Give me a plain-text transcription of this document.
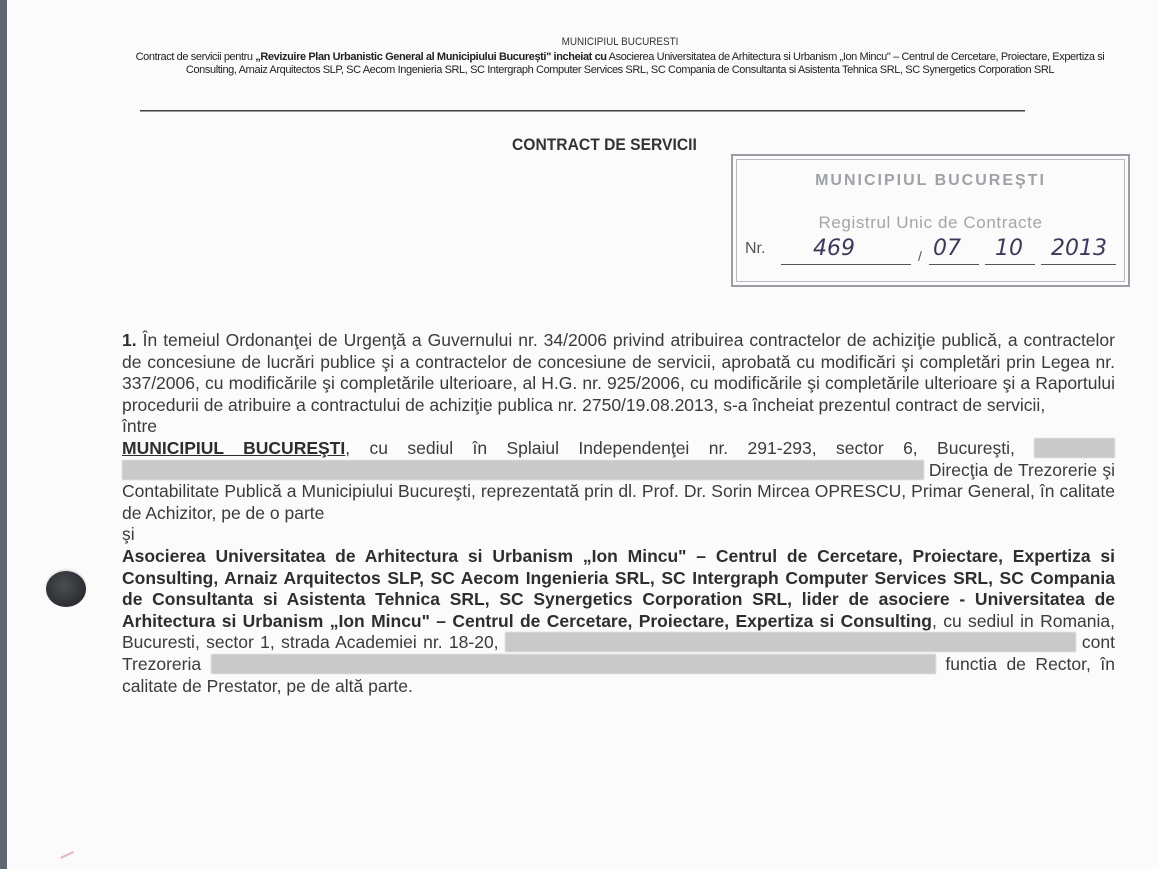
MUNICIPIUL BUCURESTI
Contract de servicii pentru „Revizuire Plan Urbanistic General al Municipiului București" incheiat cu Asocierea Universitatea de Arhitectura si Urbanism „Ion Mincu" – Centrul de Cercetare, Proiectare, Expertiza si Consulting, Arnaiz Arquitectos SLP, SC Aecom Ingenieria SRL, SC Intergraph Computer Services SRL, SC Compania de Consultanta si Asistenta Tehnica SRL, SC Synergetics Corporation SRL
CONTRACT DE SERVICII
MUNICIPIUL BUCUREŞTI
Registrul Unic de Contracte
Nr. 469	/ 07 10 2013

1. În temeiul Ordonanţei de Urgenţă a Guvernului nr. 34/2006 privind atribuirea contractelor de achiziţie publică, a contractelor de concesiune de lucrări publice şi a contractelor de concesiune de servicii, aprobată cu modificări şi completări prin Legea nr. 337/2006, cu modificările şi completările ulterioare, al H.G. nr. 925/2006, cu modificările şi completările ulterioare şi a Raportului procedurii de atribuire a contractului de achiziţie publica nr. 2750/19.08.2013, s-a încheiat prezentul contract de servicii,

între

MUNICIPIUL BUCUREŞTI, cu sediul în Splaiul Independenţei nr. 291-293, sector 6, Bucureşti, Direcţia de Trezorerie şi Contabilitate Publică a Municipiului Bucureşti, reprezentată prin dl. Prof. Dr. Sorin Mircea OPRESCU, Primar General, în calitate de Achizitor, pe de o parte

şi

Asocierea Universitatea de Arhitectura si Urbanism „Ion Mincu" – Centrul de Cercetare, Proiectare, Expertiza si Consulting, Arnaiz Arquitectos SLP, SC Aecom Ingenieria SRL, SC Intergraph Computer Services SRL, SC Compania de Consultanta si Asistenta Tehnica SRL, SC Synergetics Corporation SRL, lider de asociere - Universitatea de Arhitectura si Urbanism „Ion Mincu" – Centrul de Cercetare, Proiectare, Expertiza si Consulting, cu sediul in Romania, Bucuresti, sector 1, strada Academiei nr. 18-20,	cont Trezoreria	functia de Rector, în calitate de Prestator, pe de altă parte.
